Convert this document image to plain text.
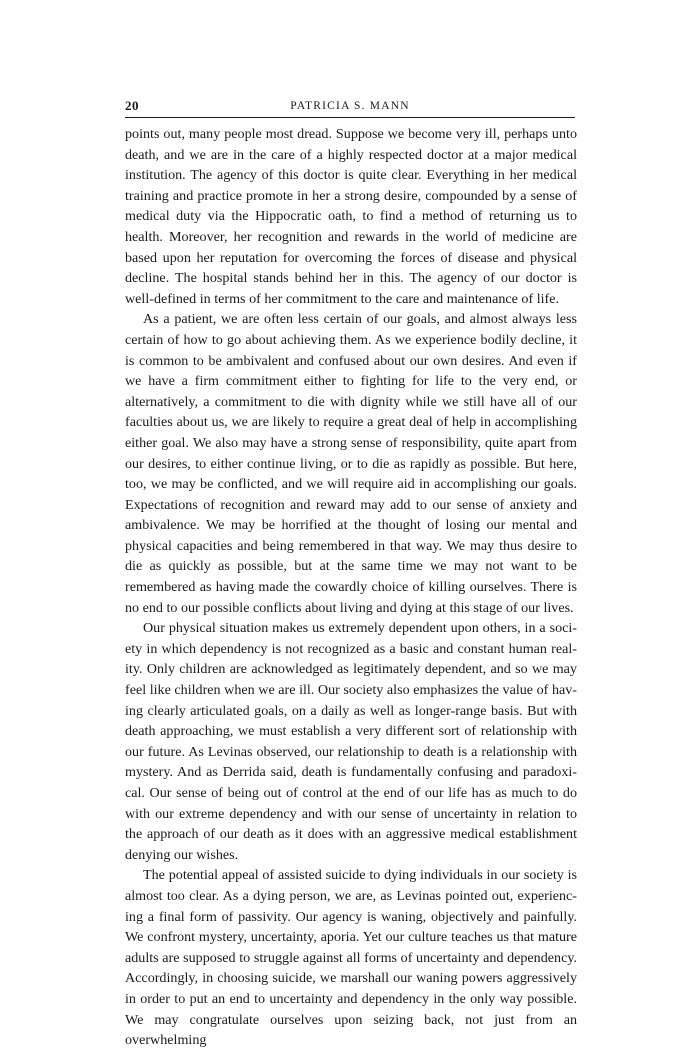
20	PATRICIA S. MANN

points out, many people most dread. Suppose we become very ill, perhaps unto death, and we are in the care of a highly respected doctor at a major medical institution. The agency of this doctor is quite clear. Everything in her medical training and practice promote in her a strong desire, compounded by a sense of medical duty via the Hippocratic oath, to find a method of returning us to health. Moreover, her recognition and rewards in the world of medicine are based upon her reputation for overcoming the forces of disease and physical decline. The hospital stands behind her in this. The agency of our doctor is well-defined in terms of her commitment to the care and maintenance of life.

As a patient, we are often less certain of our goals, and almost always less certain of how to go about achieving them. As we experience bodily decline, it is common to be ambivalent and confused about our own desires. And even if we have a firm commitment either to fighting for life to the very end, or alternatively, a commitment to die with dignity while we still have all of our faculties about us, we are likely to require a great deal of help in accomplishing either goal. We also may have a strong sense of responsibility, quite apart from our desires, to either continue living, or to die as rapidly as possible. But here, too, we may be conflicted, and we will require aid in accomplishing our goals. Expectations of recognition and reward may add to our sense of anxiety and ambivalence. We may be horrified at the thought of losing our mental and physical capacities and being remembered in that way. We may thus desire to die as quickly as possible, but at the same time we may not want to be remembered as having made the cowardly choice of killing ourselves. There is no end to our possible conflicts about living and dying at this stage of our lives.

Our physical situation makes us extremely dependent upon others, in a society in which dependency is not recognized as a basic and constant human reality. Only children are acknowledged as legitimately dependent, and so we may feel like children when we are ill. Our society also emphasizes the value of having clearly articulated goals, on a daily as well as longer-range basis. But with death approaching, we must establish a very different sort of relationship with our future. As Levinas observed, our relationship to death is a relationship with mystery. And as Derrida said, death is fundamentally confusing and paradoxical. Our sense of being out of control at the end of our life has as much to do with our extreme dependency and with our sense of uncertainty in relation to the approach of our death as it does with an aggressive medical establishment denying our wishes.

The potential appeal of assisted suicide to dying individuals in our society is almost too clear. As a dying person, we are, as Levinas pointed out, experiencing a final form of passivity. Our agency is waning, objectively and painfully. We confront mystery, uncertainty, aporia. Yet our culture teaches us that mature adults are supposed to struggle against all forms of uncertainty and dependency. Accordingly, in choosing suicide, we marshall our waning powers aggressively in order to put an end to uncertainty and dependency in the only way possible. We may congratulate ourselves upon seizing back, not just from an overwhelming
